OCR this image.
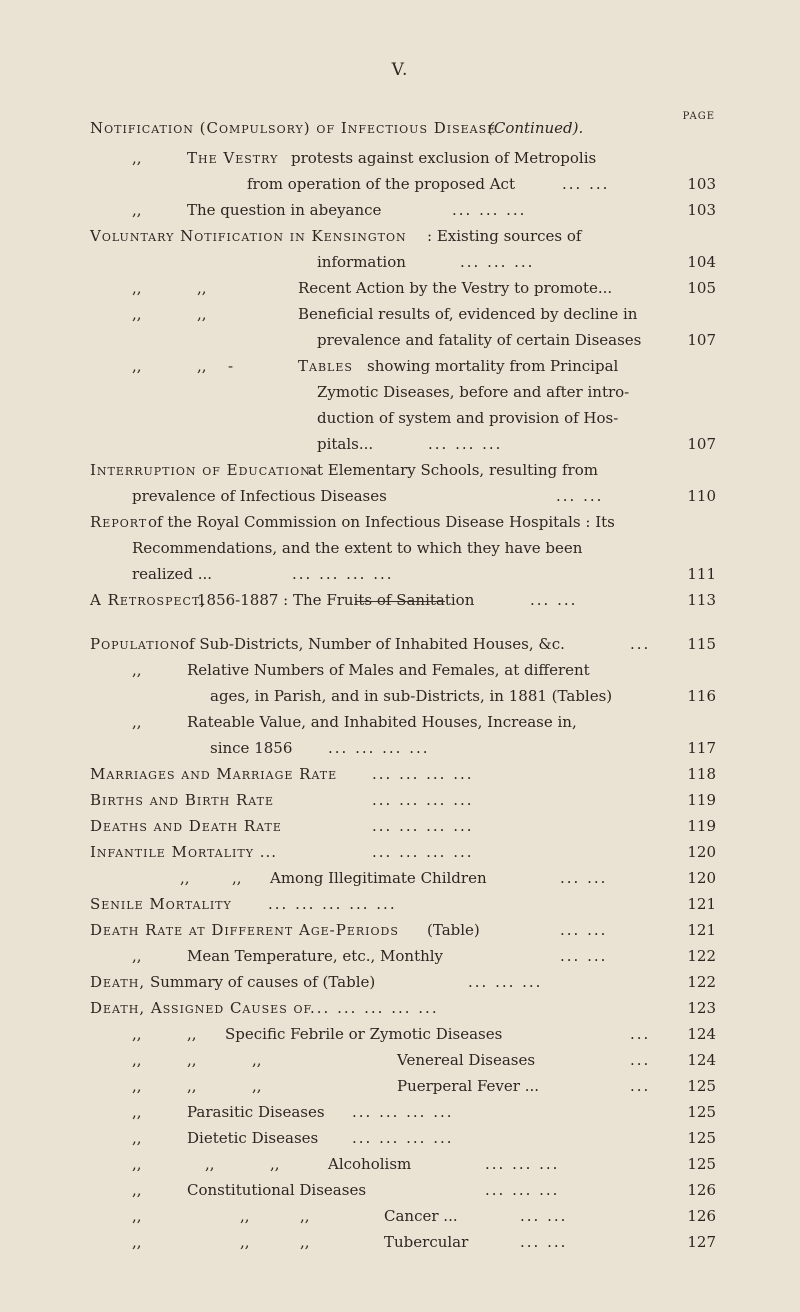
V.
PAGE
Notification (Compulsory) of Infectious Disease
(Continued).
,,	The Vestry protests against exclusion of Metropolis
from operation of the proposed Act	... ...	103
,,	The question in abeyance	... ... ...	103
Voluntary Notification in Kensington : Existing sources of
information	... ... ...	104
,,	,,	Recent Action by the Vestry to promote...	105
,,	,,	Beneficial results of, evidenced by decline in
prevalence and fatality of certain Diseases	107
,,	,, -	Tables showing mortality from Principal
Zymotic Diseases, before and after intro-
duction of system and provision of Hos-
pitals...	... ... ...	107
Interruption of Education
at Elementary Schools, resulting from
prevalence of Infectious Diseases	... ...	110
Report of the Royal Commission on Infectious Disease Hospitals : Its
Recommendations, and the extent to which they have been
realized ...	... ... ... ...	111
A Retrospect,
1856-1887 : The Fruits of Sanitation	... ...	113
Population of Sub-Districts, Number of Inhabited Houses, &c.	... 115
,,	Relative Numbers of Males and Females, at different
ages, in Parish, and in sub-Districts, in 1881 (Tables)	116
,,	Rateable Value, and Inhabited Houses, Increase in,
since 1856 ... ... ... ...	117
Marriages and Marriage Rate ... ... ... ...	118
Births and Birth Rate	... ... ... ...	119
Deaths and Death Rate	... ... ... ...	119
Infantile Mortality ...	... ... ... ...	120
,,	,, Among Illegitimate Children	... ...	120
Senile Mortality ... ... ... ... ...	121
Death Rate at Different Age-Periods (Table)	... ...	121
,,	Mean Temperature, etc., Monthly	... ...	122
Death, Summary of causes of (Table)	... ... ...	122
Death, Assigned Causes of
... ... ... ... ...	123
,,	,, Specific Febrile or Zymotic Diseases	... 124
,,	,,	,,	Venereal Diseases	... 124
,,	,,	,,	Puerperal Fever ...	... 125
,,	Parasitic Diseases ... ... ... ...	125
,,	Dietetic Diseases ... ... ... ...	125
,,	,,	,,	Alcoholism	... ... ...	125
,,	Constitutional Diseases	... ... ...	126
,,	,,	,,	Cancer ...	... ...	126
,,	,,	,,	Tubercular	... ...	127
